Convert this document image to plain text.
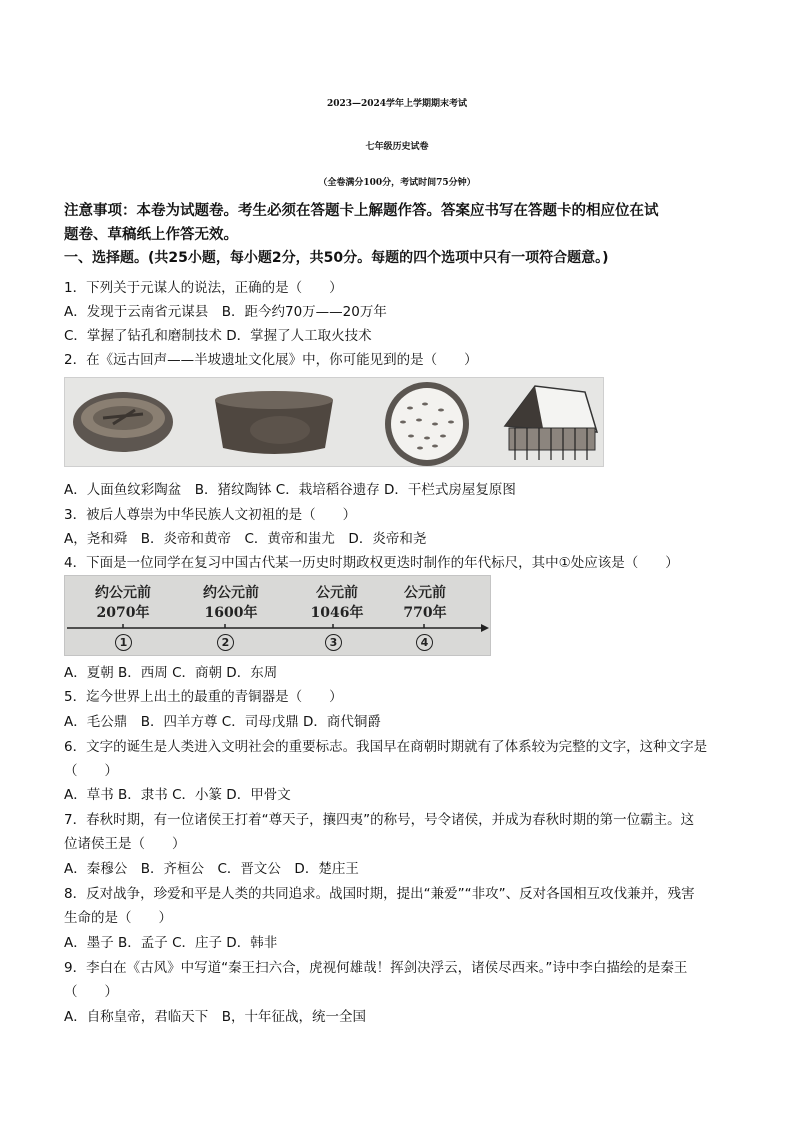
2023—2024学年上学期期末考试
七年级历史试卷
（全卷满分100分，考试时间75分钟）
注意事项：本卷为试题卷。考生必须在答题卡上解题作答。答案应书写在答题卡的相应位在试
题卷、草稿纸上作答无效。
一、选择题。(共25小题，每小题2分，共50分。每题的四个选项中只有一项符合题意。)
1．下列关于元谋人的说法，正确的是（　　）
A．发现于云南省元谋县　B．距今约70万——20万年
C．掌握了钻孔和磨制技术 D．掌握了人工取火技术
2．在《远古回声——半坡遗址文化展》中，你可能见到的是（　　）
A．人面鱼纹彩陶盆　B．猪纹陶钵 C．栽培稻谷遗存 D．干栏式房屋复原图
3．被后人尊崇为中华民族人文初祖的是（　　）
A，尧和舜　B．炎帝和黄帝　C．黄帝和蚩尤　D．炎帝和尧
4．下面是一位同学在复习中国古代某一历史时期政权更迭时制作的年代标尺，其中①处应该是（　　）
约公元前
2070年
约公元前
1600年
公元前
1046年
公元前
770年
1	2	3	4
A．夏朝 B．西周 C．商朝 D．东周
5．迄今世界上出土的最重的青铜器是（　　）
A．毛公鼎　B．四羊方尊 C．司母戊鼎 D．商代铜爵
6．文字的诞生是人类进入文明社会的重要标志。我国早在商朝时期就有了体系较为完整的文字，这种文字是
（　　）
A．草书 B．隶书 C．小篆 D．甲骨文
7．春秋时期，有一位诸侯王打着“尊天子，攘四夷”的称号，号令诸侯，并成为春秋时期的第一位霸主。这
位诸侯王是（　　）
A．秦穆公　B．齐桓公　C．晋文公　D．楚庄王
8．反对战争，珍爱和平是人类的共同追求。战国时期，提出“兼爱”“非攻”、反对各国相互攻伐兼并，残害
生命的是（　　）
A．墨子 B．孟子 C．庄子 D．韩非
9．李白在《古风》中写道“秦王扫六合，虎视何雄哉！挥剑决浮云，诸侯尽西来。”诗中李白描绘的是秦王
（　　）
A．自称皇帝，君临天下　B，十年征战，统一全国
